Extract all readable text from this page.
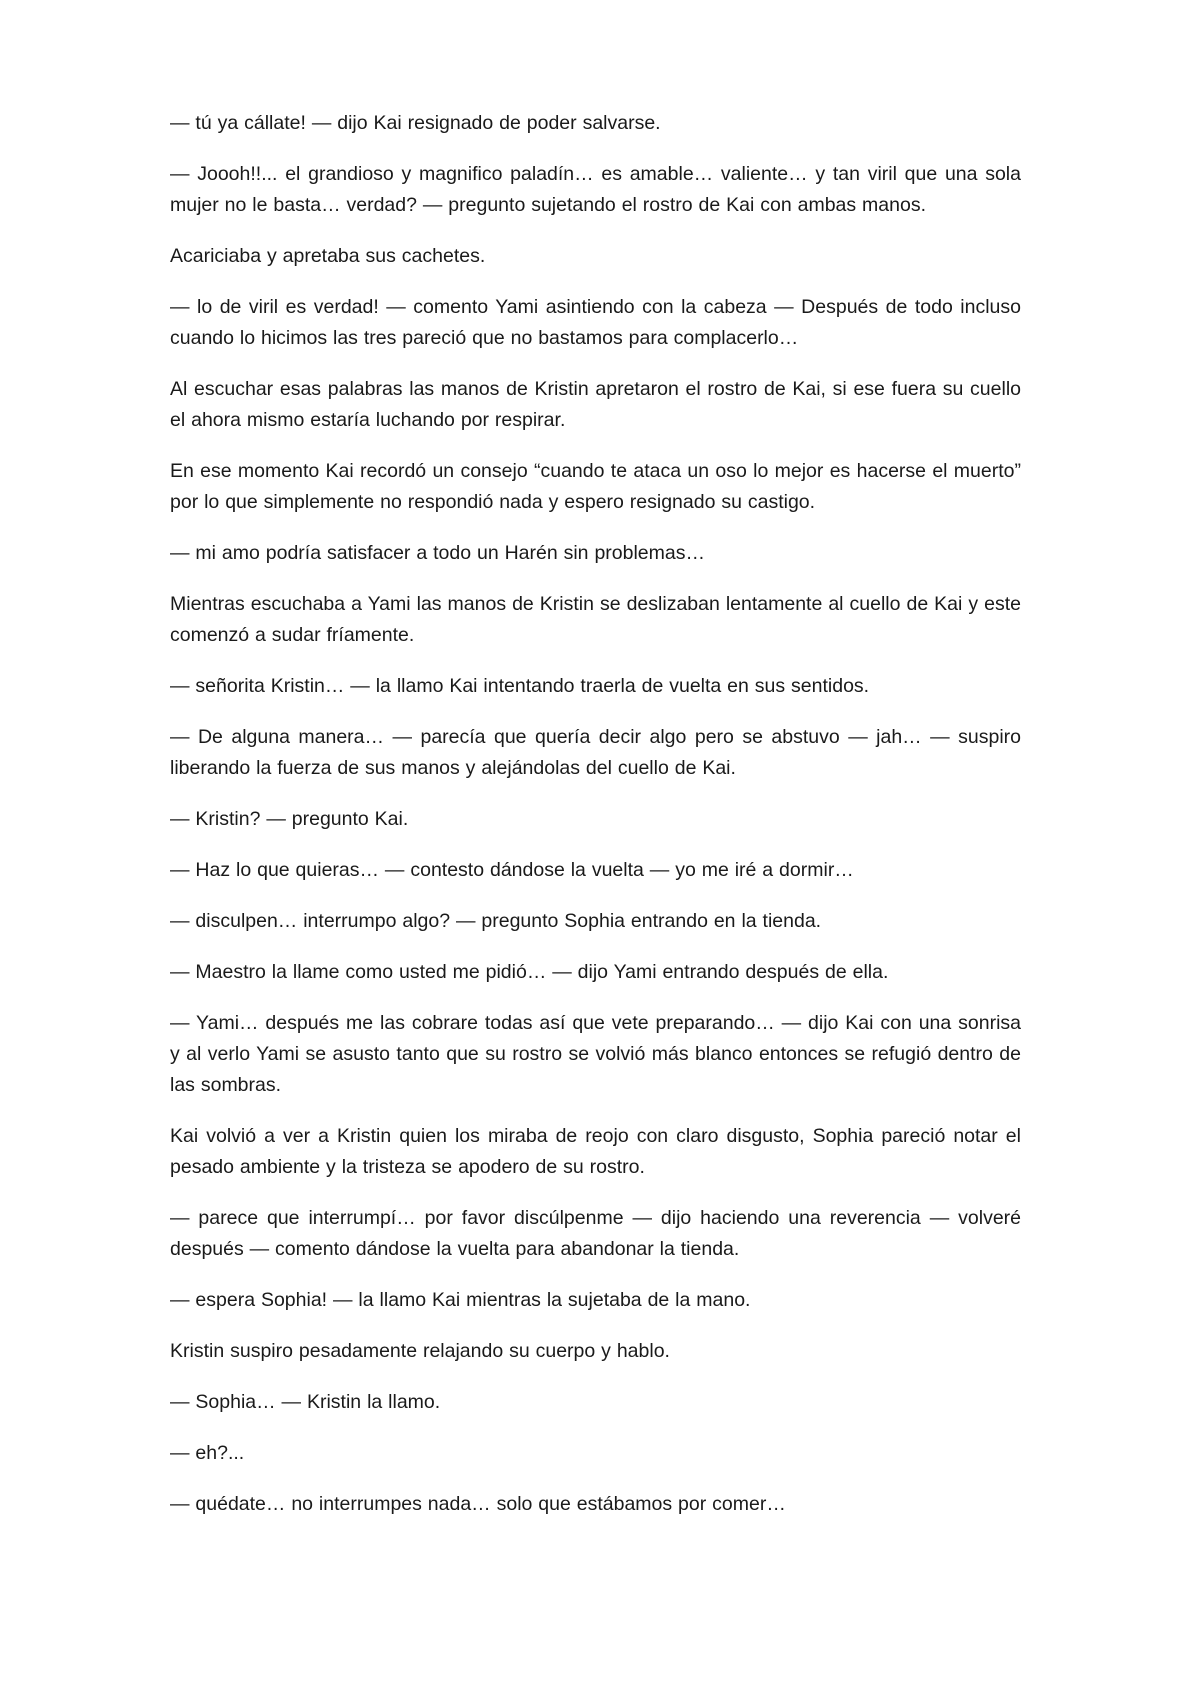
— tú ya cállate! — dijo Kai resignado de poder salvarse.

— Joooh!!... el grandioso y magnifico paladín… es amable… valiente… y tan viril que una sola mujer no le basta… verdad? — pregunto sujetando el rostro de Kai con ambas manos.

Acariciaba y apretaba sus cachetes.

— lo de viril es verdad! — comento Yami asintiendo con la cabeza — Después de todo incluso cuando lo hicimos las tres pareció que no bastamos para complacerlo…

Al escuchar esas palabras las manos de Kristin apretaron el rostro de Kai, si ese fuera su cuello el ahora mismo estaría luchando por respirar.

En ese momento Kai recordó un consejo “cuando te ataca un oso lo mejor es hacerse el muerto” por lo que simplemente no respondió nada y espero resignado su castigo.

— mi amo podría satisfacer a todo un Harén sin problemas…

Mientras escuchaba a Yami las manos de Kristin se deslizaban lentamente al cuello de Kai y este comenzó a sudar fríamente.

— señorita Kristin… — la llamo Kai intentando traerla de vuelta en sus sentidos.

— De alguna manera… — parecía que quería decir algo pero se abstuvo — jah… — suspiro liberando la fuerza de sus manos y alejándolas del cuello de Kai.

— Kristin? — pregunto Kai.

— Haz lo que quieras… — contesto dándose la vuelta — yo me iré a dormir…

— disculpen… interrumpo algo? — pregunto Sophia entrando en la tienda.

— Maestro la llame como usted me pidió… — dijo Yami entrando después de ella.

— Yami… después me las cobrare todas así que vete preparando… — dijo Kai con una sonrisa y al verlo Yami se asusto tanto que su rostro se volvió más blanco entonces se refugió dentro de las sombras.

Kai volvió a ver a Kristin quien los miraba de reojo con claro disgusto, Sophia pareció notar el pesado ambiente y la tristeza se apodero de su rostro.

— parece que interrumpí… por favor discúlpenme — dijo haciendo una reverencia — volveré después — comento dándose la vuelta para abandonar la tienda.

— espera Sophia! — la llamo Kai mientras la sujetaba de la mano.

Kristin suspiro pesadamente relajando su cuerpo y hablo.

— Sophia… — Kristin la llamo.

— eh?...

— quédate… no interrumpes nada… solo que estábamos por comer…
